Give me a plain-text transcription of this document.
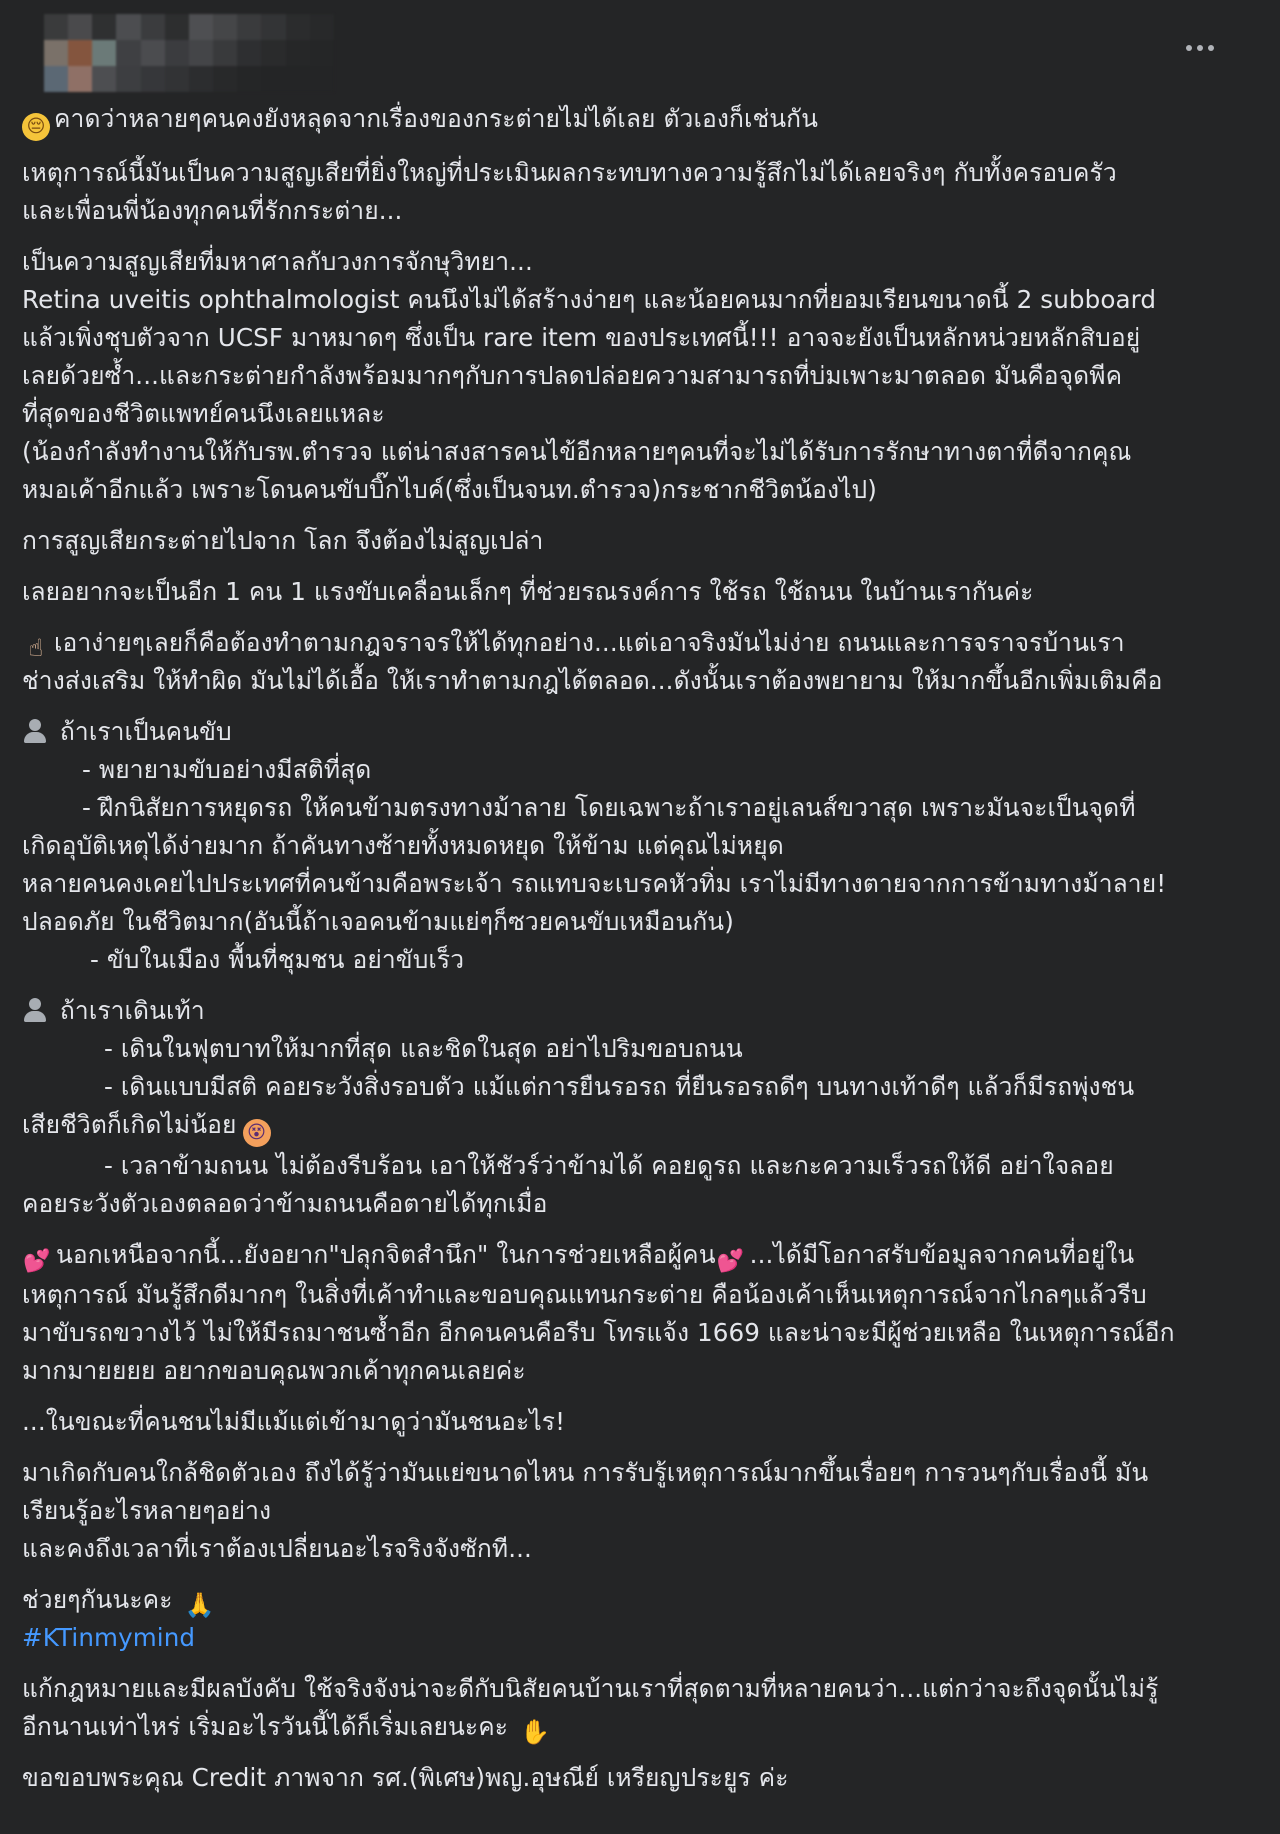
😔 คาดว่าหลายๆคนคงยังหลุดจากเรื่องของกระต่ายไม่ได้เลย ตัวเองก็เช่นกัน

เหตุการณ์นี้มันเป็นความสูญเสียที่ยิ่งใหญ่ที่ประเมินผลกระทบทางความรู้สึกไม่ได้เลยจริงๆ กับทั้งครอบครัว
และเพื่อนพี่น้องทุกคนที่รักกระต่าย...

เป็นความสูญเสียที่มหาศาลกับวงการจักษุวิทยา...
Retina uveitis ophthalmologist คนนึงไม่ได้สร้างง่ายๆ และน้อยคนมากที่ยอมเรียนขนาดนี้ 2 subboard
แล้วเพิ่งชุบตัวจาก UCSF มาหมาดๆ ซึ่งเป็น rare item ของประเทศนี้!!! อาจจะยังเป็นหลักหน่วยหลักสิบอยู่
เลยด้วยซ้ำ...และกระต่ายกำลังพร้อมมากๆกับการปลดปล่อยความสามารถที่บ่มเพาะมาตลอด มันคือจุดพีค
ที่สุดของชีวิตแพทย์คนนึงเลยแหละ
(น้องกำลังทำงานให้กับรพ.ตำรวจ แต่น่าสงสารคนไข้อีกหลายๆคนที่จะไม่ได้รับการรักษาทางตาที่ดีจากคุณ
หมอเค้าอีกแล้ว เพราะโดนคนขับบิ๊กไบค์(ซึ่งเป็นจนท.ตำรวจ)กระชากชีวิตน้องไป)

การสูญเสียกระต่ายไปจาก โลก จึงต้องไม่สูญเปล่า

เลยอยากจะเป็นอีก 1 คน 1 แรงขับเคลื่อนเล็กๆ ที่ช่วยรณรงค์การ ใช้รถ ใช้ถนน ในบ้านเรากันค่ะ

☝ เอาง่ายๆเลยก็คือต้องทำตามกฎจราจรให้ได้ทุกอย่าง...แต่เอาจริงมันไม่ง่าย ถนนและการจราจรบ้านเรา
ช่างส่งเสริม ให้ทำผิด มันไม่ได้เอื้อ ให้เราทำตามกฎได้ตลอด...ดังนั้นเราต้องพยายาม ให้มากขึ้นอีกเพิ่มเติมคือ

ถ้าเราเป็นคนขับ
- พยายามขับอย่างมีสติที่สุด
- ฝึกนิสัยการหยุดรถ ให้คนข้ามตรงทางม้าลาย โดยเฉพาะถ้าเราอยู่เลนส์ขวาสุด เพราะมันจะเป็นจุดที่
เกิดอุบัติเหตุได้ง่ายมาก ถ้าคันทางซ้ายทั้งหมดหยุด ให้ข้าม แต่คุณไม่หยุด
หลายคนคงเคยไปประเทศที่คนข้ามคือพระเจ้า รถแทบจะเบรคหัวทิ่ม เราไม่มีทางตายจากการข้ามทางม้าลาย!
ปลอดภัย ในชีวิตมาก(อันนี้ถ้าเจอคนข้ามแย่ๆก็ซวยคนขับเหมือนกัน)
- ขับในเมือง พื้นที่ชุมชน อย่าขับเร็ว

ถ้าเราเดินเท้า
- เดินในฟุตบาทให้มากที่สุด และชิดในสุด อย่าไปริมขอบถนน
- เดินแบบมีสติ คอยระวังสิ่งรอบตัว แม้แต่การยืนรอรถ ที่ยืนรอรถดีๆ บนทางเท้าดีๆ แล้วก็มีรถพุ่งชน
เสียชีวิตก็เกิดไม่น้อย 😵
- เวลาข้ามถนน ไม่ต้องรีบร้อน เอาให้ชัวร์ว่าข้ามได้ คอยดูรถ และกะความเร็วรถให้ดี อย่าใจลอย
คอยระวังตัวเองตลอดว่าข้ามถนนคือตายได้ทุกเมื่อ

💕 นอกเหนือจากนี้...ยังอยาก"ปลุกจิตสำนึก" ในการช่วยเหลือผู้คน💕 ...ได้มีโอกาสรับข้อมูลจากคนที่อยู่ใน
เหตุการณ์ มันรู้สึกดีมากๆ ในสิ่งที่เค้าทำและขอบคุณแทนกระต่าย คือน้องเค้าเห็นเหตุการณ์จากไกลๆแล้วรีบ
มาขับรถขวางไว้ ไม่ให้มีรถมาชนซ้ำอีก อีกคนคนคือรีบ โทรแจ้ง 1669 และน่าจะมีผู้ช่วยเหลือ ในเหตุการณ์อีก
มากมายยยย อยากขอบคุณพวกเค้าทุกคนเลยค่ะ

...ในขณะที่คนชนไม่มีแม้แต่เข้ามาดูว่ามันชนอะไร!

มาเกิดกับคนใกล้ชิดตัวเอง ถึงได้รู้ว่ามันแย่ขนาดไหน การรับรู้เหตุการณ์มากขึ้นเรื่อยๆ การวนๆกับเรื่องนี้ มัน
เรียนรู้อะไรหลายๆอย่าง
และคงถึงเวลาที่เราต้องเปลี่ยนอะไรจริงจังซักที...

ช่วยๆกันนะคะ 🙏
#KTinmymind

แก้กฎหมายและมีผลบังคับ ใช้จริงจังน่าจะดีกับนิสัยคนบ้านเราที่สุดตามที่หลายคนว่า...แต่กว่าจะถึงจุดนั้นไม่รู้
อีกนานเท่าไหร่ เริ่มอะไรวันนี้ได้ก็เริ่มเลยนะคะ ✋

ขอขอบพระคุณ Credit ภาพจาก รศ.(พิเศษ)พญ.อุษณีย์ เหรียญประยูร ค่ะ
